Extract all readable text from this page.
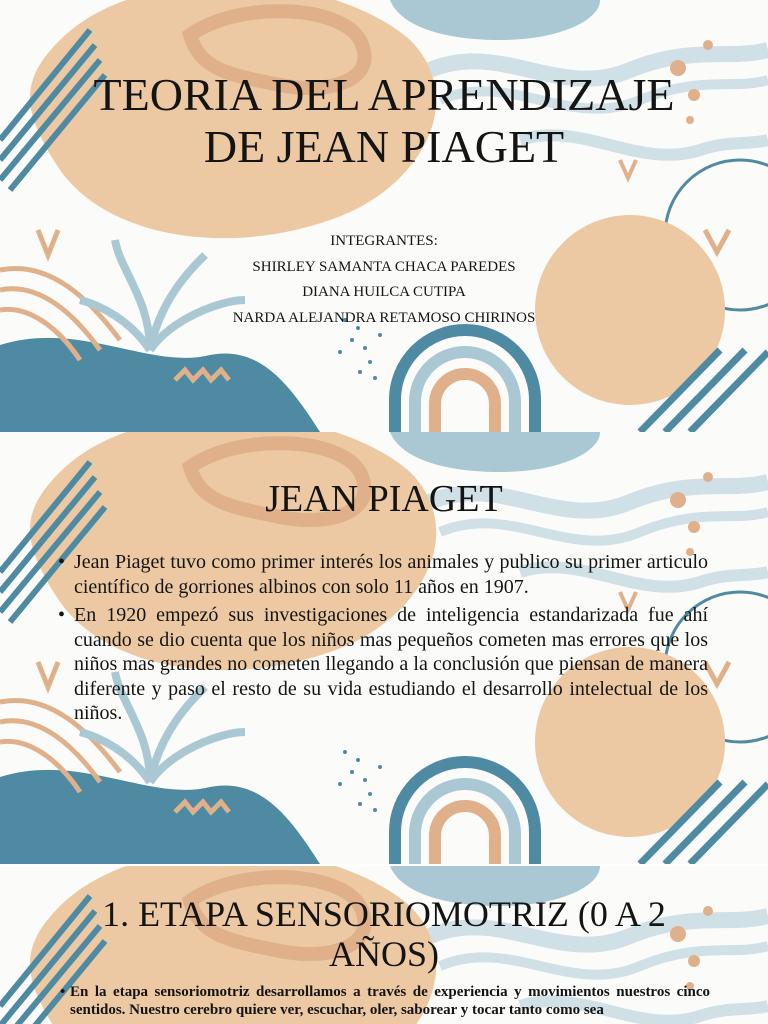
TEORIA DEL APRENDIZAJE DE JEAN PIAGET
INTEGRANTES:
SHIRLEY SAMANTA CHACA PAREDES
DIANA HUILCA CUTIPA
NARDA ALEJANDRA RETAMOSO CHIRINOS
JEAN PIAGET
• Jean Piaget tuvo como primer interés los animales y publico su primer articulo científico de gorriones albinos con solo 11 años en 1907.
• En 1920 empezó sus investigaciones de inteligencia estandarizada fue ahí cuando se dio cuenta que los niños mas pequeños cometen mas errores que los niños mas grandes no cometen llegando a la conclusión que piensan de manera diferente y paso el resto de su vida estudiando el desarrollo intelectual de los niños.
1. ETAPA SENSORIOMOTRIZ (0 A 2 AÑOS)
• En la etapa sensoriomotriz desarrollamos a través de experiencia y movimientos nuestros cinco sentidos. Nuestro cerebro quiere ver, escuchar, oler, saborear y tocar tanto como sea
